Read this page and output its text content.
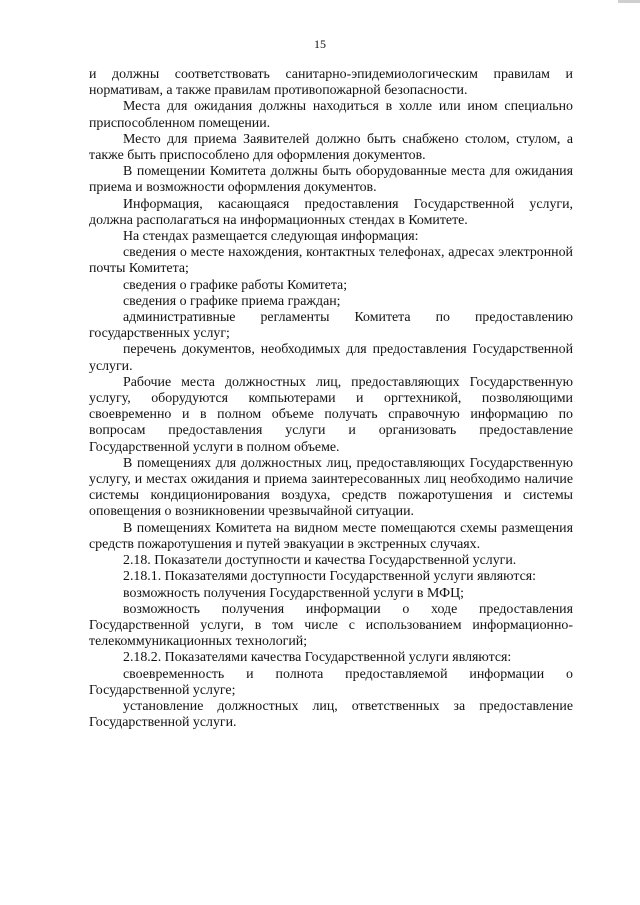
15

и должны соответствовать санитарно-эпидемиологическим правилам и нормативам, а также правилам противопожарной безопасности.

Места для ожидания должны находиться в холле или ином специально приспособленном помещении.

Место для приема Заявителей должно быть снабжено столом, стулом, а также быть приспособлено для оформления документов.

В помещении Комитета должны быть оборудованные места для ожидания приема и возможности оформления документов.

Информация, касающаяся предоставления Государственной услуги, должна располагаться на информационных стендах в Комитете.

На стендах размещается следующая информация:

сведения о месте нахождения, контактных телефонах, адресах электронной почты Комитета;

сведения о графике работы Комитета;

сведения о графике приема граждан;

административные регламенты Комитета по предоставлению государственных услуг;

перечень документов, необходимых для предоставления Государственной услуги.

Рабочие места должностных лиц, предоставляющих Государственную услугу, оборудуются компьютерами и оргтехникой, позволяющими своевременно и в полном объеме получать справочную информацию по вопросам предоставления услуги и организовать предоставление Государственной услуги в полном объеме.

В помещениях для должностных лиц, предоставляющих Государственную услугу, и местах ожидания и приема заинтересованных лиц необходимо наличие системы кондиционирования воздуха, средств пожаротушения и системы оповещения о возникновении чрезвычайной ситуации.

В помещениях Комитета на видном месте помещаются схемы размещения средств пожаротушения и путей эвакуации в экстренных случаях.

2.18. Показатели доступности и качества Государственной услуги.

2.18.1. Показателями доступности Государственной услуги являются:

возможность получения Государственной услуги в МФЦ;

возможность получения информации о ходе предоставления Государственной услуги, в том числе с использованием информационно-телекоммуникационных технологий;

2.18.2. Показателями качества Государственной услуги являются:

своевременность и полнота предоставляемой информации о Государственной услуге;

установление должностных лиц, ответственных за предоставление Государственной услуги.
